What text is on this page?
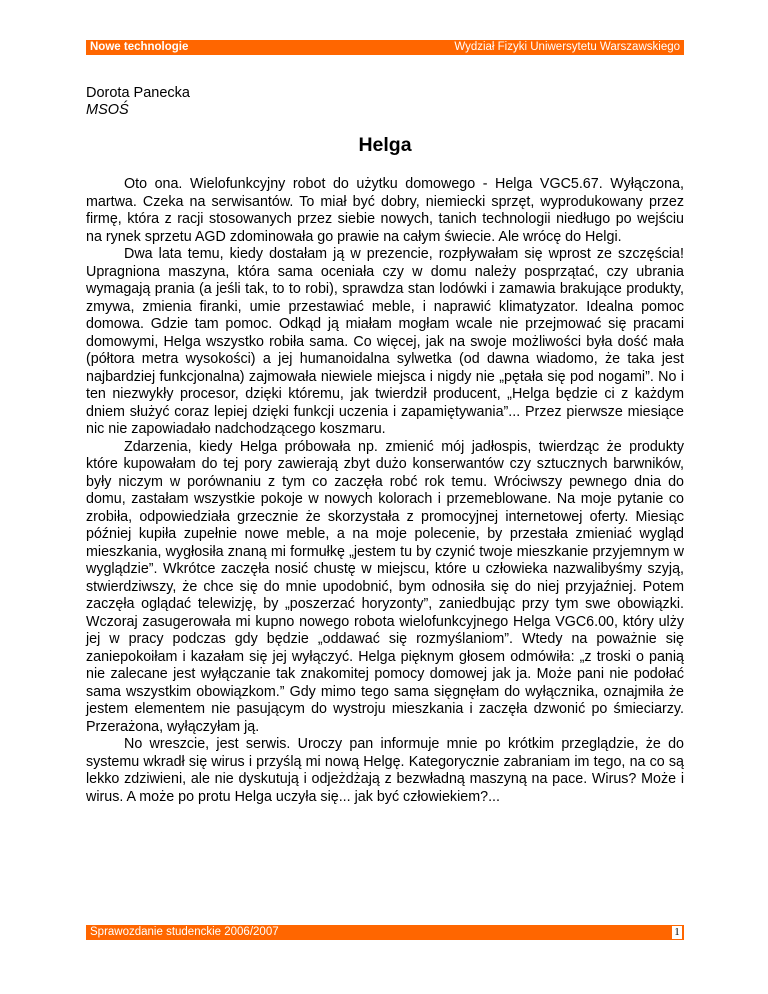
Nowe technologie	Wydział Fizyki Uniwersytetu Warszawskiego
Dorota Panecka
MSOŚ
Helga

Oto ona. Wielofunkcyjny robot do użytku domowego - Helga VGC5.67. Wyłączona, martwa. Czeka na serwisantów. To miał być dobry, niemiecki sprzęt, wyprodukowany przez firmę, która z racji stosowanych przez siebie nowych, tanich technologii niedługo po wejściu na rynek sprzetu AGD zdominowała go prawie na całym świecie. Ale wrócę do Helgi.

Dwa lata temu, kiedy dostałam ją w prezencie, rozpływałam się wprost ze szczęścia! Upragniona maszyna, która sama oceniała czy w domu należy posprzątać, czy ubrania wymagają prania (a jeśli tak, to to robi), sprawdza stan lodówki i zamawia brakujące produkty, zmywa, zmienia firanki, umie przestawiać meble, i naprawić klimatyzator. Idealna pomoc domowa. Gdzie tam pomoc. Odkąd ją miałam mogłam wcale nie przejmować się pracami domowymi, Helga wszystko robiła sama. Co więcej, jak na swoje możliwości była dość mała (półtora metra wysokości) a jej humanoidalna sylwetka (od dawna wiadomo, że taka jest najbardziej funkcjonalna) zajmowała niewiele miejsca i nigdy nie „pętała się pod nogami”. No i ten niezwykły procesor, dzięki któremu, jak twierdził producent, „Helga będzie ci z każdym dniem służyć coraz lepiej dzięki funkcji uczenia i zapamiętywania”... Przez pierwsze miesiące nic nie zapowiadało nadchodzącego koszmaru.

Zdarzenia, kiedy Helga próbowała np. zmienić mój jadłospis, twierdząc że produkty które kupowałam do tej pory zawierają zbyt dużo konserwantów czy sztucznych barwników, były niczym w porównaniu z tym co zaczęła robć rok temu. Wróciwszy pewnego dnia do domu, zastałam wszystkie pokoje w nowych kolorach i przemeblowane. Na moje pytanie co zrobiła, odpowiedziała grzecznie że skorzystała z promocyjnej internetowej oferty. Miesiąc później kupiła zupełnie nowe meble, a na moje polecenie, by przestała zmieniać wygląd mieszkania, wygłosiła znaną mi formułkę „jestem tu by czynić twoje mieszkanie przyjemnym w wyglądzie”. Wkrótce zaczęła nosić chustę w miejscu, które u człowieka nazwalibyśmy szyją, stwierdziwszy, że chce się do mnie upodobnić, bym odnosiła się do niej przyjaźniej. Potem zaczęła oglądać telewizję, by „poszerzać horyzonty”, zaniedbując przy tym swe obowiązki. Wczoraj zasugerowała mi kupno nowego robota wielofunkcyjnego Helga VGC6.00, który ulży jej w pracy podczas gdy będzie „oddawać się rozmyślaniom”. Wtedy na poważnie się zaniepokoiłam i kazałam się jej wyłączyć. Helga pięknym głosem odmówiła: „z troski o panią nie zalecane jest wyłączanie tak znakomitej pomocy domowej jak ja. Może pani nie podołać sama wszystkim obowiązkom.” Gdy mimo tego sama sięgnęłam do wyłącznika, oznajmiła że jestem elementem nie pasującym do wystroju mieszkania i zaczęła dzwonić po śmieciarzy. Przerażona, wyłączyłam ją.

No wreszcie, jest serwis. Uroczy pan informuje mnie po krótkim przeglądzie, że do systemu wkradł się wirus i przyślą mi nową Helgę. Kategorycznie zabraniam im tego, na co są lekko zdziwieni, ale nie dyskutują i odjeżdżają z bezwładną maszyną na pace. Wirus? Może i wirus. A może po protu Helga uczyła się... jak być człowiekiem?...

Sprawozdanie studenckie 2006/2007	1
